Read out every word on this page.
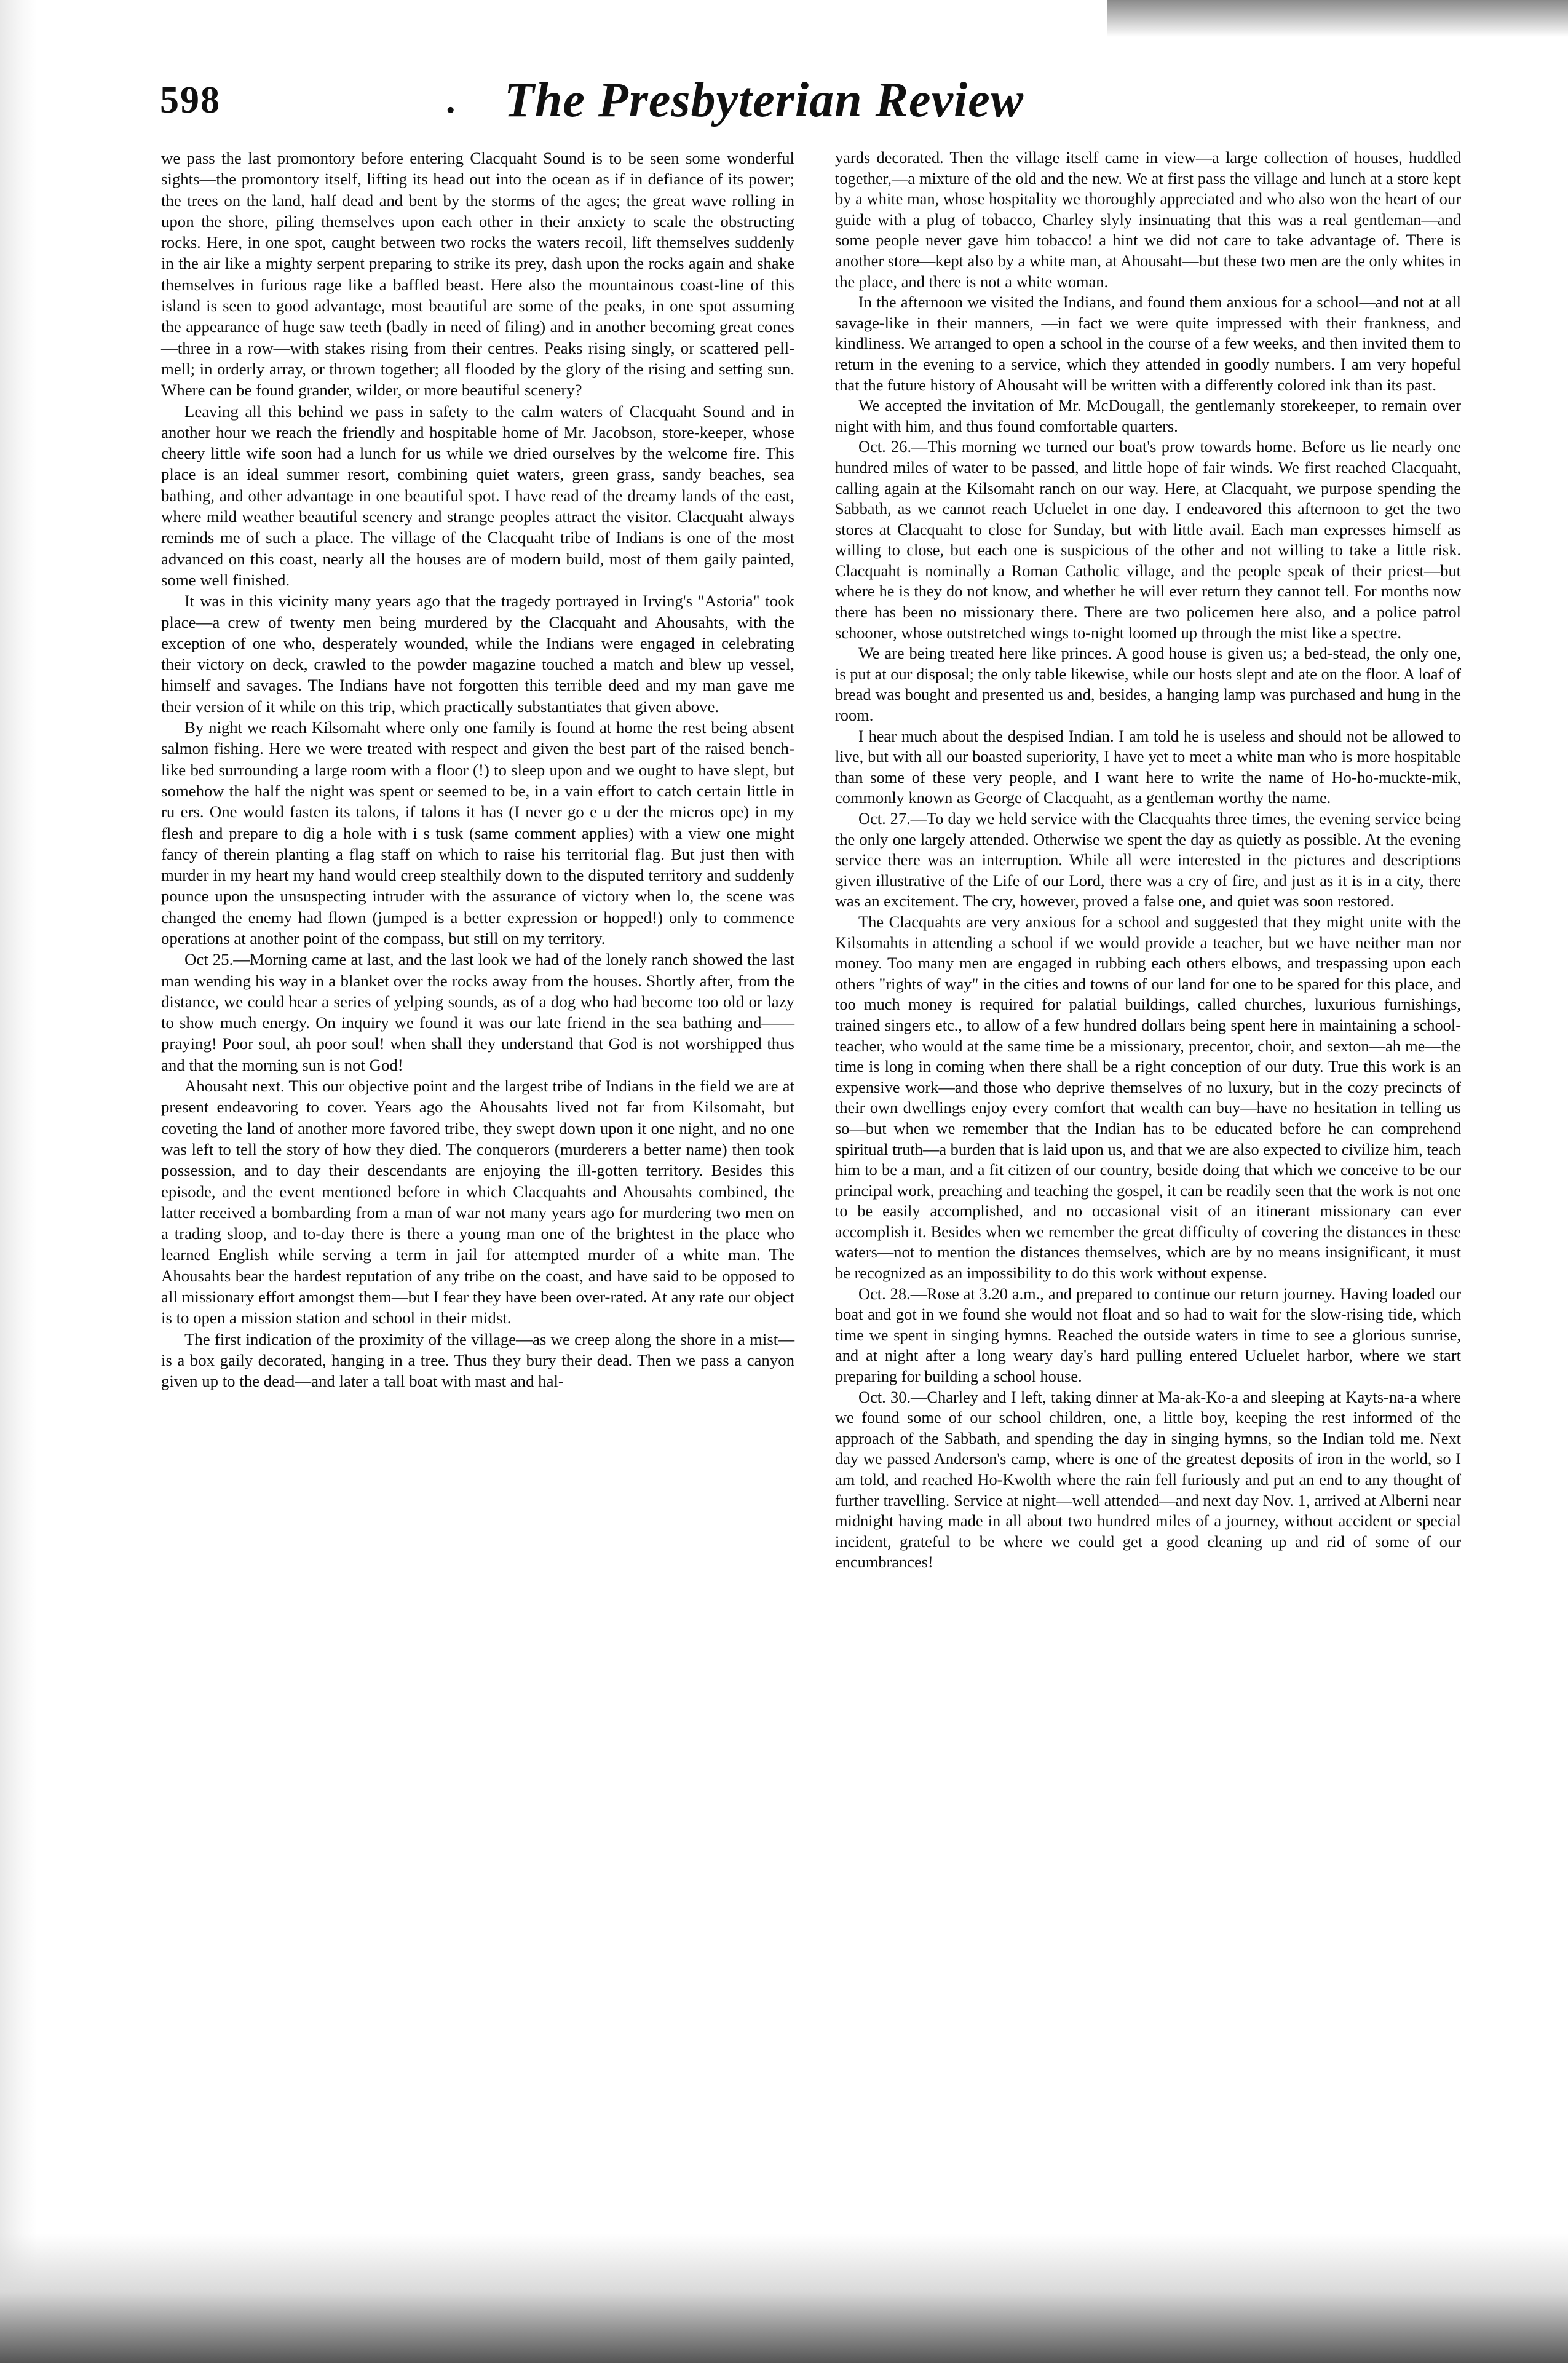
598	. The Presbyterian Review

we pass the last promontory before entering Clacquaht Sound is to be seen some wonderful sights—the promontory itself, lifting its head out into the ocean as if in defiance of its power; the trees on the land, half dead and bent by the storms of the ages; the great wave rolling in upon the shore, piling themselves upon each other in their anxiety to scale the obstructing rocks. Here, in one spot, caught between two rocks the waters recoil, lift themselves suddenly in the air like a mighty serpent preparing to strike its prey, dash upon the rocks again and shake themselves in furious rage like a baffled beast. Here also the mountainous coast-line of this island is seen to good advantage, most beautiful are some of the peaks, in one spot assuming the appearance of huge saw teeth (badly in need of filing) and in another becoming great cones—three in a row—with stakes rising from their centres. Peaks rising singly, or scattered pell-mell; in orderly array, or thrown together; all flooded by the glory of the rising and setting sun. Where can be found grander, wilder, or more beautiful scenery?

Leaving all this behind we pass in safety to the calm waters of Clacquaht Sound and in another hour we reach the friendly and hospitable home of Mr. Jacobson, store-keeper, whose cheery little wife soon had a lunch for us while we dried ourselves by the welcome fire. This place is an ideal summer resort, combining quiet waters, green grass, sandy beaches, sea bathing, and other advantage in one beautiful spot. I have read of the dreamy lands of the east, where mild weather beautiful scenery and strange peoples attract the visitor. Clacquaht always reminds me of such a place. The village of the Clacquaht tribe of Indians is one of the most advanced on this coast, nearly all the houses are of modern build, most of them gaily painted, some well finished.

It was in this vicinity many years ago that the tragedy portrayed in Irving's "Astoria" took place—a crew of twenty men being murdered by the Clacquaht and Ahousahts, with the exception of one who, desperately wounded, while the Indians were engaged in celebrating their victory on deck, crawled to the powder magazine touched a match and blew up vessel, himself and savages. The Indians have not forgotten this terrible deed and my man gave me their version of it while on this trip, which practically substantiates that given above.

By night we reach Kilsomaht where only one family is found at home the rest being absent salmon fishing. Here we were treated with respect and given the best part of the raised bench-like bed surrounding a large room with a floor (!) to sleep upon and we ought to have slept, but somehow the half the night was spent or seemed to be, in a vain effort to catch certain little in ru ers. One would fasten its talons, if talons it has (I never go e u der the micros ope) in my flesh and prepare to dig a hole with i s tusk (same comment applies) with a view one might fancy of therein planting a flag staff on which to raise his territorial flag. But just then with murder in my heart my hand would creep stealthily down to the disputed territory and suddenly pounce upon the unsuspecting intruder with the assurance of victory when lo, the scene was changed the enemy had flown (jumped is a better expression or hopped!) only to commence operations at another point of the compass, but still on my territory.

Oct 25.—Morning came at last, and the last look we had of the lonely ranch showed the last man wending his way in a blanket over the rocks away from the houses. Shortly after, from the distance, we could hear a series of yelping sounds, as of a dog who had become too old or lazy to show much energy. On inquiry we found it was our late friend in the sea bathing and——praying! Poor soul, ah poor soul! when shall they understand that God is not worshipped thus and that the morning sun is not God!

Ahousaht next. This our objective point and the largest tribe of Indians in the field we are at present endeavoring to cover. Years ago the Ahousahts lived not far from Kilsomaht, but coveting the land of another more favored tribe, they swept down upon it one night, and no one was left to tell the story of how they died. The conquerors (murderers a better name) then took possession, and to day their descendants are enjoying the ill-gotten territory. Besides this episode, and the event mentioned before in which Clacquahts and Ahousahts combined, the latter received a bombarding from a man of war not many years ago for murdering two men on a trading sloop, and to-day there is there a young man one of the brightest in the place who learned English while serving a term in jail for attempted murder of a white man. The Ahousahts bear the hardest reputation of any tribe on the coast, and have said to be opposed to all missionary effort amongst them—but I fear they have been over-rated. At any rate our object is to open a mission station and school in their midst.

The first indication of the proximity of the village—as we creep along the shore in a mist—is a box gaily decorated, hanging in a tree. Thus they bury their dead. Then we pass a canyon given up to the dead—and later a tall boat with mast and hal-

yards decorated. Then the village itself came in view—a large collection of houses, huddled together,—a mixture of the old and the new. We at first pass the village and lunch at a store kept by a white man, whose hospitality we thoroughly appreciated and who also won the heart of our guide with a plug of tobacco, Charley slyly insinuating that this was a real gentleman—and some people never gave him tobacco! a hint we did not care to take advantage of. There is another store—kept also by a white man, at Ahousaht—but these two men are the only whites in the place, and there is not a white woman.

In the afternoon we visited the Indians, and found them anxious for a school—and not at all savage-like in their manners, —in fact we were quite impressed with their frankness, and kindliness. We arranged to open a school in the course of a few weeks, and then invited them to return in the evening to a service, which they attended in goodly numbers. I am very hopeful that the future history of Ahousaht will be written with a differently colored ink than its past.

We accepted the invitation of Mr. McDougall, the gentlemanly storekeeper, to remain over night with him, and thus found comfortable quarters.

Oct. 26.—This morning we turned our boat's prow towards home. Before us lie nearly one hundred miles of water to be passed, and little hope of fair winds. We first reached Clacquaht, calling again at the Kilsomaht ranch on our way. Here, at Clacquaht, we purpose spending the Sabbath, as we cannot reach Ucluelet in one day. I endeavored this afternoon to get the two stores at Clacquaht to close for Sunday, but with little avail. Each man expresses himself as willing to close, but each one is suspicious of the other and not willing to take a little risk. Clacquaht is nominally a Roman Catholic village, and the people speak of their priest—but where he is they do not know, and whether he will ever return they cannot tell. For months now there has been no missionary there. There are two policemen here also, and a police patrol schooner, whose outstretched wings to-night loomed up through the mist like a spectre.

We are being treated here like princes. A good house is given us; a bed-stead, the only one, is put at our disposal; the only table likewise, while our hosts slept and ate on the floor. A loaf of bread was bought and presented us and, besides, a hanging lamp was purchased and hung in the room.

I hear much about the despised Indian. I am told he is useless and should not be allowed to live, but with all our boasted superiority, I have yet to meet a white man who is more hospitable than some of these very people, and I want here to write the name of Ho-ho-muckte-mik, commonly known as George of Clacquaht, as a gentleman worthy the name.

Oct. 27.—To day we held service with the Clacquahts three times, the evening service being the only one largely attended. Otherwise we spent the day as quietly as possible. At the evening service there was an interruption. While all were interested in the pictures and descriptions given illustrative of the Life of our Lord, there was a cry of fire, and just as it is in a city, there was an excitement. The cry, however, proved a false one, and quiet was soon restored.

The Clacquahts are very anxious for a school and suggested that they might unite with the Kilsomahts in attending a school if we would provide a teacher, but we have neither man nor money. Too many men are engaged in rubbing each others elbows, and trespassing upon each others "rights of way" in the cities and towns of our land for one to be spared for this place, and too much money is required for palatial buildings, called churches, luxurious furnishings, trained singers etc., to allow of a few hundred dollars being spent here in maintaining a school-teacher, who would at the same time be a missionary, precentor, choir, and sexton—ah me—the time is long in coming when there shall be a right conception of our duty. True this work is an expensive work—and those who deprive themselves of no luxury, but in the cozy precincts of their own dwellings enjoy every comfort that wealth can buy—have no hesitation in telling us so—but when we remember that the Indian has to be educated before he can comprehend spiritual truth—a burden that is laid upon us, and that we are also expected to civilize him, teach him to be a man, and a fit citizen of our country, beside doing that which we conceive to be our principal work, preaching and teaching the gospel, it can be readily seen that the work is not one to be easily accomplished, and no occasional visit of an itinerant missionary can ever accomplish it. Besides when we remember the great difficulty of covering the distances in these waters—not to mention the distances themselves, which are by no means insignificant, it must be recognized as an impossibility to do this work without expense.

Oct. 28.—Rose at 3.20 a.m., and prepared to continue our return journey. Having loaded our boat and got in we found she would not float and so had to wait for the slow-rising tide, which time we spent in singing hymns. Reached the outside waters in time to see a glorious sunrise, and at night after a long weary day's hard pulling entered Ucluelet harbor, where we start preparing for building a school house.

Oct. 30.—Charley and I left, taking dinner at Ma-ak-Ko-a and sleeping at Kayts-na-a where we found some of our school children, one, a little boy, keeping the rest informed of the approach of the Sabbath, and spending the day in singing hymns, so the Indian told me. Next day we passed Anderson's camp, where is one of the greatest deposits of iron in the world, so I am told, and reached Ho-Kwolth where the rain fell furiously and put an end to any thought of further travelling. Service at night—well attended—and next day Nov. 1, arrived at Alberni near midnight having made in all about two hundred miles of a journey, without accident or special incident, grateful to be where we could get a good cleaning up and rid of some of our encumbrances!
